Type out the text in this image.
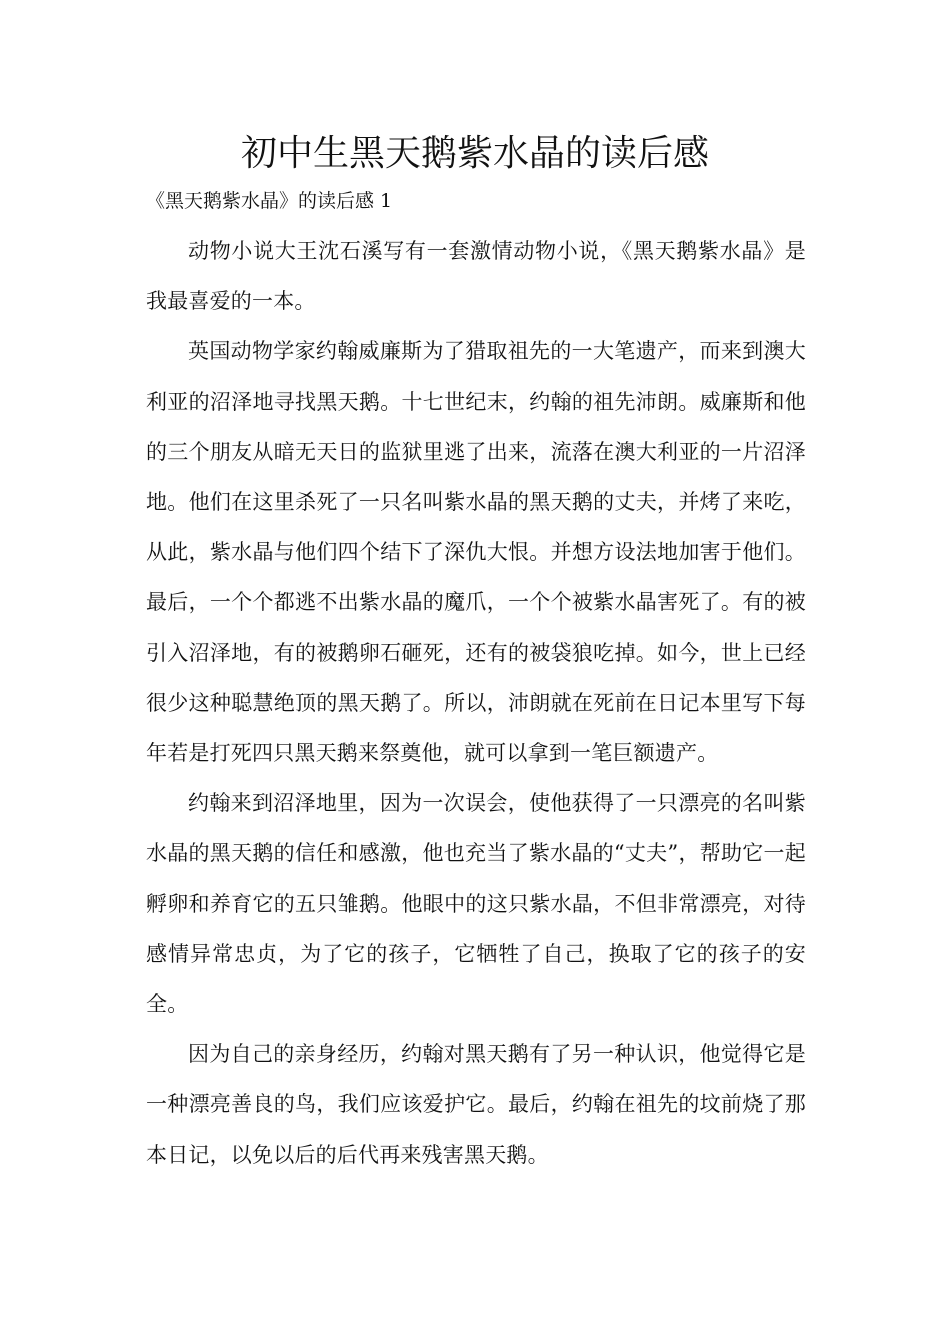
初中生黑天鹅紫水晶的读后感

《黑天鹅紫水晶》的读后感 1

动物小说大王沈石溪写有一套激情动物小说，《黑天鹅紫水晶》是我最喜爱的一本。

英国动物学家约翰威廉斯为了猎取祖先的一大笔遗产，而来到澳大利亚的沼泽地寻找黑天鹅。十七世纪末，约翰的祖先沛朗。威廉斯和他的三个朋友从暗无天日的监狱里逃了出来，流落在澳大利亚的一片沼泽地。他们在这里杀死了一只名叫紫水晶的黑天鹅的丈夫，并烤了来吃，从此，紫水晶与他们四个结下了深仇大恨。并想方设法地加害于他们。最后，一个个都逃不出紫水晶的魔爪，一个个被紫水晶害死了。有的被引入沼泽地，有的被鹅卵石砸死，还有的被袋狼吃掉。如今，世上已经很少这种聪慧绝顶的黑天鹅了。所以，沛朗就在死前在日记本里写下每年若是打死四只黑天鹅来祭奠他，就可以拿到一笔巨额遗产。

约翰来到沼泽地里，因为一次误会，使他获得了一只漂亮的名叫紫水晶的黑天鹅的信任和感激，他也充当了紫水晶的“丈夫”，帮助它一起孵卵和养育它的五只雏鹅。他眼中的这只紫水晶，不但非常漂亮，对待感情异常忠贞，为了它的孩子，它牺牲了自己，换取了它的孩子的安全。

因为自己的亲身经历，约翰对黑天鹅有了另一种认识，他觉得它是一种漂亮善良的鸟，我们应该爱护它。最后，约翰在祖先的坟前烧了那本日记，以免以后的后代再来残害黑天鹅。
